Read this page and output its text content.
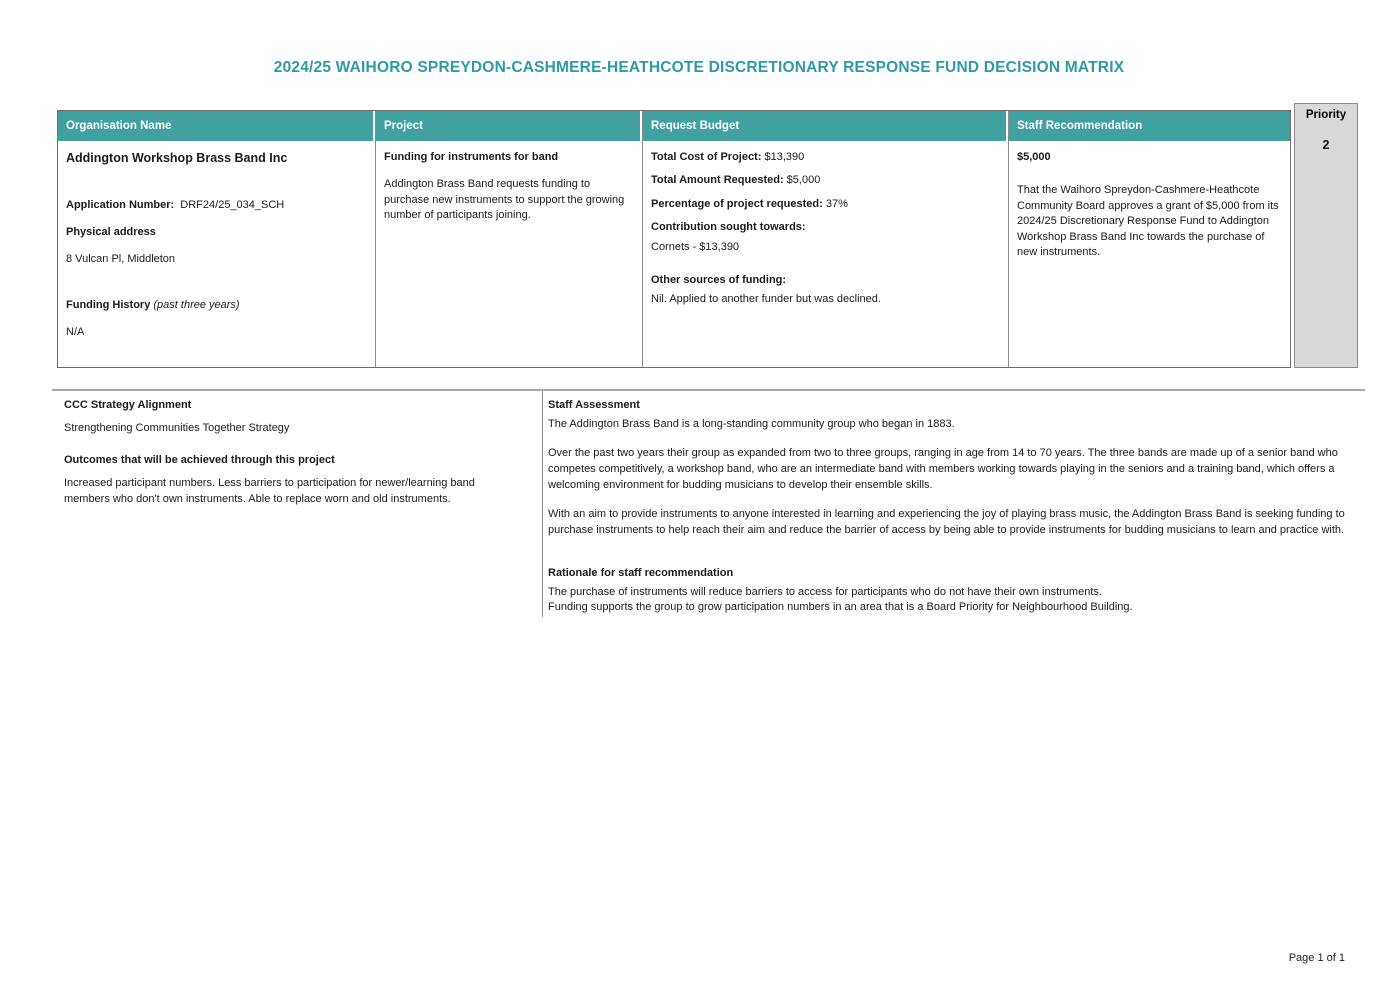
2024/25 WAIHORO SPREYDON-CASHMERE-HEATHCOTE DISCRETIONARY RESPONSE FUND DECISION MATRIX
Organisation Name

Addington Workshop Brass Band Inc

Application Number: DRF24/25_034_SCH

Physical address

8 Vulcan Pl, Middleton

Funding History (past three years)

N/A

Project

Funding for instruments for band

Addington Brass Band requests funding to purchase new instruments to support the growing number of participants joining.

Request Budget

Total Cost of Project: $13,390

Total Amount Requested: $5,000

Percentage of project requested: 37%

Contribution sought towards:

Cornets - $13,390

Other sources of funding:

Nil. Applied to another funder but was declined.

Staff Recommendation

$5,000

That the Waihoro Spreydon-Cashmere-Heathcote Community Board approves a grant of $5,000 from its 2024/25 Discretionary Response Fund to Addington Workshop Brass Band Inc towards the purchase of new instruments.

Priority
2

CCC Strategy Alignment

Strengthening Communities Together Strategy

Outcomes that will be achieved through this project

Increased participant numbers. Less barriers to participation for newer/learning band members who don't own instruments. Able to replace worn and old instruments.

Staff Assessment

The Addington Brass Band is a long-standing community group who began in 1883.

Over the past two years their group as expanded from two to three groups, ranging in age from 14 to 70 years. The three bands are made up of a senior band who competes competitively, a workshop band, who are an intermediate band with members working towards playing in the seniors and a training band, which offers a welcoming environment for budding musicians to develop their ensemble skills.

With an aim to provide instruments to anyone interested in learning and experiencing the joy of playing brass music, the Addington Brass Band is seeking funding to purchase instruments to help reach their aim and reduce the barrier of access by being able to provide instruments for budding musicians to learn and practice with.

Rationale for staff recommendation

The purchase of instruments will reduce barriers to access for participants who do not have their own instruments.

Funding supports the group to grow participation numbers in an area that is a Board Priority for Neighbourhood Building.

Page 1 of 1
